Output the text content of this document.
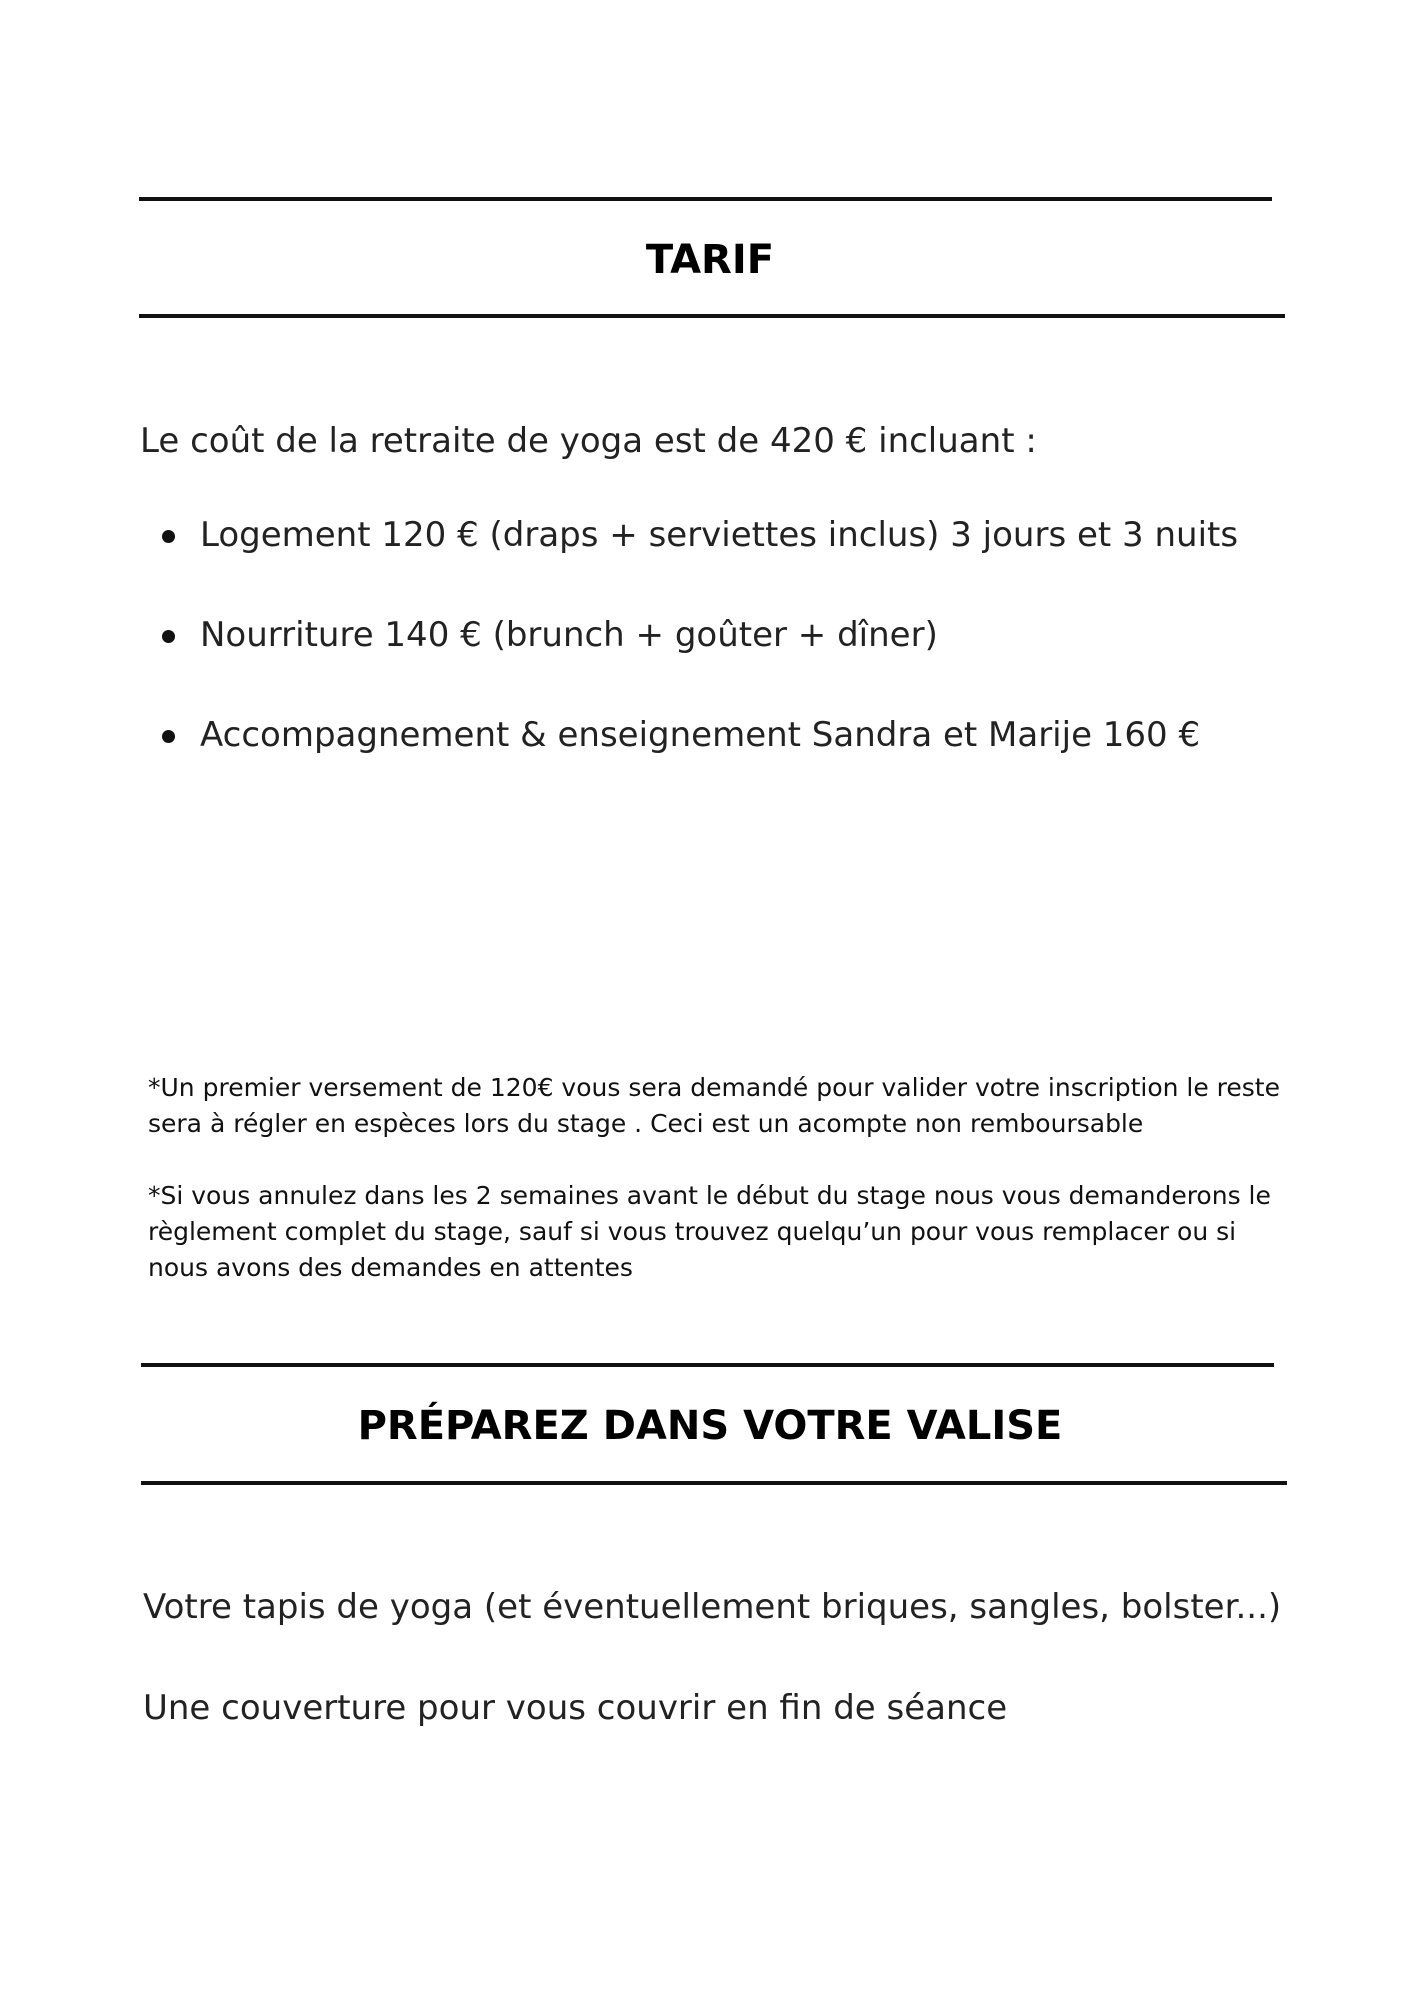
TARIF

Le coût de la retraite de yoga est de 420 € incluant :

Logement 120 € (draps + serviettes inclus) 3 jours et 3 nuits
Nourriture 140 € (brunch + goûter + dîner)
Accompagnement & enseignement Sandra et Marije 160 €

*Un premier versement de 120€ vous sera demandé pour valider votre inscription le reste sera à régler en espèces lors du stage . Ceci est un acompte non remboursable

*Si vous annulez dans les 2 semaines avant le début du stage nous vous demanderons le règlement complet du stage, sauf si vous trouvez quelqu’un pour vous remplacer ou si nous avons des demandes en attentes

PRÉPAREZ DANS VOTRE VALISE

Votre tapis de yoga (et éventuellement briques, sangles, bolster...)

Une couverture pour vous couvrir en fin de séance
